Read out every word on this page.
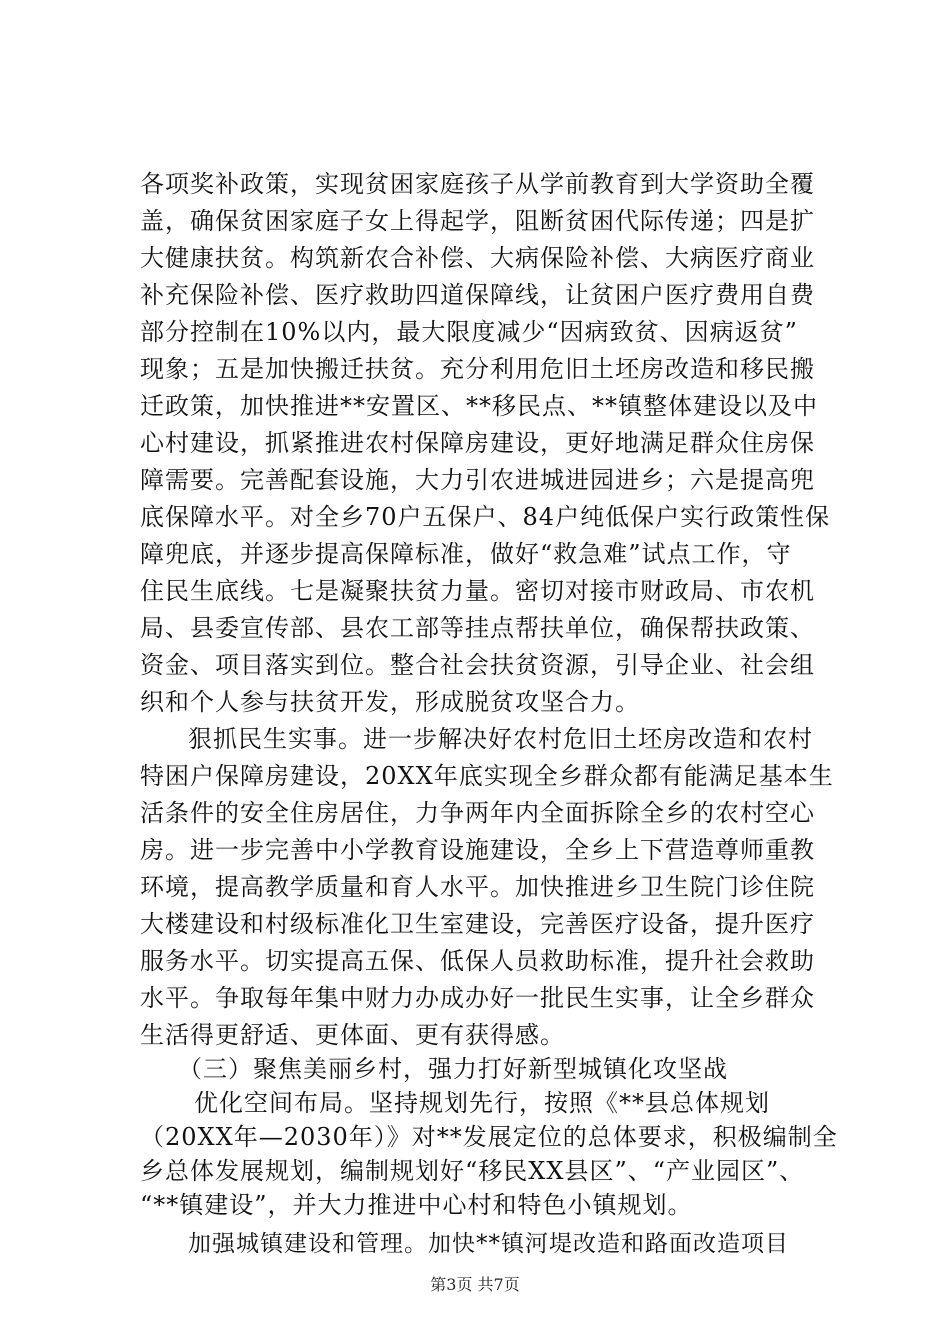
各项奖补政策，实现贫困家庭孩子从学前教育到大学资助全覆
盖，确保贫困家庭子女上得起学，阻断贫困代际传递；四是扩
大健康扶贫。构筑新农合补偿、大病保险补偿、大病医疗商业
补充保险补偿、医疗救助四道保障线，让贫困户医疗费用自费
部分控制在10%以内，最大限度减少“因病致贫、因病返贫”
现象；五是加快搬迁扶贫。充分利用危旧土坯房改造和移民搬
迁政策，加快推进**安置区、**移民点、**镇整体建设以及中
心村建设，抓紧推进农村保障房建设，更好地满足群众住房保
障需要。完善配套设施，大力引农进城进园进乡；六是提高兜
底保障水平。对全乡70户五保户、84户纯低保户实行政策性保
障兜底，并逐步提高保障标准，做好“救急难”试点工作，守
住民生底线。七是凝聚扶贫力量。密切对接市财政局、市农机
局、县委宣传部、县农工部等挂点帮扶单位，确保帮扶政策、
资金、项目落实到位。整合社会扶贫资源，引导企业、社会组
织和个人参与扶贫开发，形成脱贫攻坚合力。
狠抓民生实事。进一步解决好农村危旧土坯房改造和农村
特困户保障房建设，20XX年底实现全乡群众都有能满足基本生
活条件的安全住房居住，力争两年内全面拆除全乡的农村空心
房。进一步完善中小学教育设施建设，全乡上下营造尊师重教
环境，提高教学质量和育人水平。加快推进乡卫生院门诊住院
大楼建设和村级标准化卫生室建设，完善医疗设备，提升医疗
服务水平。切实提高五保、低保人员救助标准，提升社会救助
水平。争取每年集中财力办成办好一批民生实事，让全乡群众
生活得更舒适、更体面、更有获得感。
（三）聚焦美丽乡村，强力打好新型城镇化攻坚战
优化空间布局。坚持规划先行，按照《**县总体规划
（20XX年—2030年）》对**发展定位的总体要求，积极编制全
乡总体发展规划，编制规划好“移民XX县区”、“产业园区”、
“**镇建设”，并大力推进中心村和特色小镇规划。
加强城镇建设和管理。加快**镇河堤改造和路面改造项目
第3页 共7页
